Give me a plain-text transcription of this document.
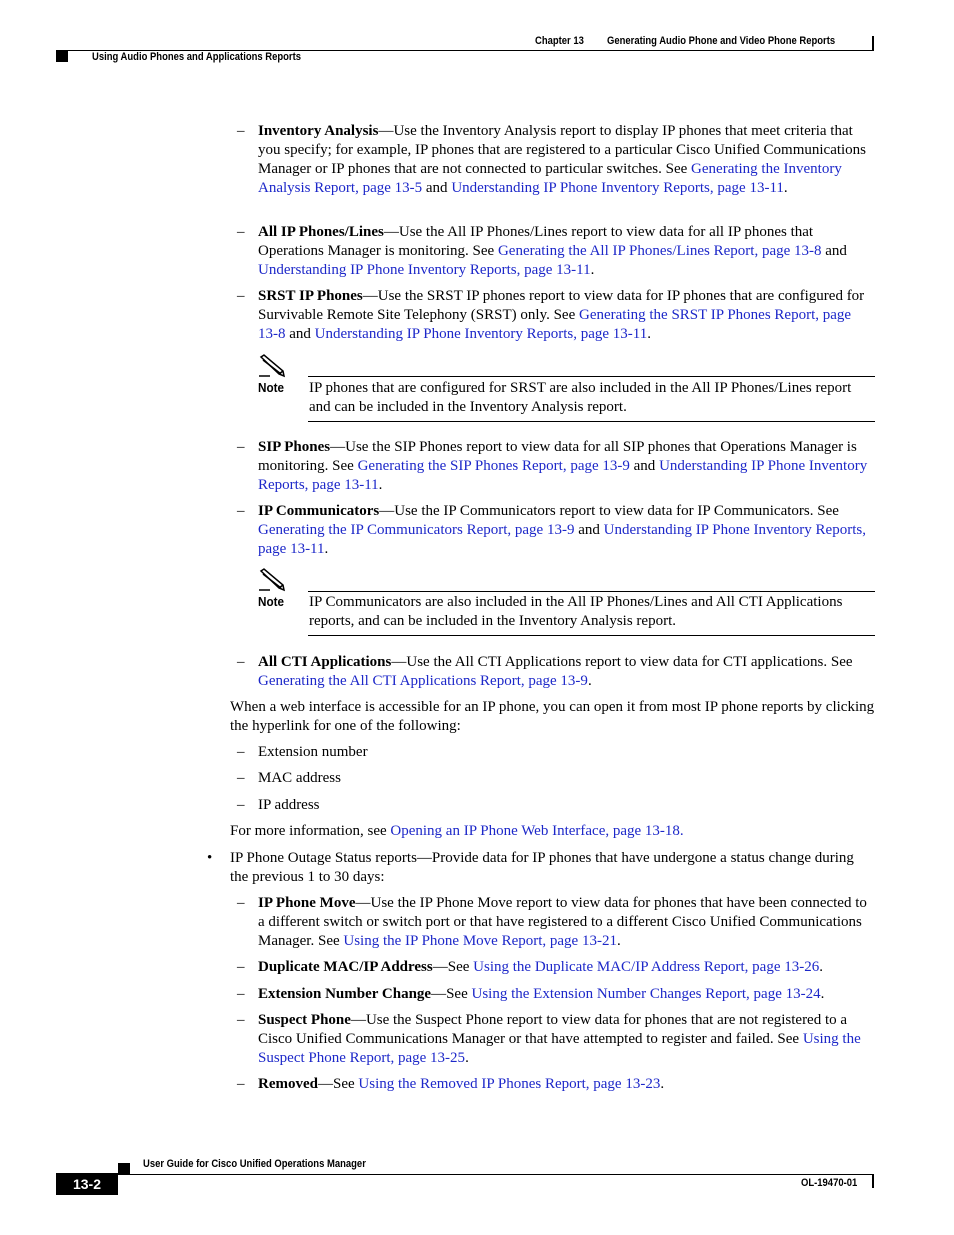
Chapter 13 Generating Audio Phone and Video Phone Reports
Using Audio Phones and Applications Reports
– Inventory Analysis—Use the Inventory Analysis report to display IP phones that meet criteria that you specify; for example, IP phones that are registered to a particular Cisco Unified Communications Manager or IP phones that are not connected to particular switches. See Generating the Inventory Analysis Report, page 13-5 and Understanding IP Phone Inventory Reports, page 13-11.
– All IP Phones/Lines—Use the All IP Phones/Lines report to view data for all IP phones that Operations Manager is monitoring. See Generating the All IP Phones/Lines Report, page 13-8 and Understanding IP Phone Inventory Reports, page 13-11.
– SRST IP Phones—Use the SRST IP phones report to view data for IP phones that are configured for Survivable Remote Site Telephony (SRST) only. See Generating the SRST IP Phones Report, page 13-8 and Understanding IP Phone Inventory Reports, page 13-11.
Note IP phones that are configured for SRST are also included in the All IP Phones/Lines report and can be included in the Inventory Analysis report.
– SIP Phones—Use the SIP Phones report to view data for all SIP phones that Operations Manager is monitoring. See Generating the SIP Phones Report, page 13-9 and Understanding IP Phone Inventory Reports, page 13-11.
– IP Communicators—Use the IP Communicators report to view data for IP Communicators. See Generating the IP Communicators Report, page 13-9 and Understanding IP Phone Inventory Reports, page 13-11.
Note IP Communicators are also included in the All IP Phones/Lines and All CTI Applications reports, and can be included in the Inventory Analysis report.
– All CTI Applications—Use the All CTI Applications report to view data for CTI applications. See Generating the All CTI Applications Report, page 13-9.
When a web interface is accessible for an IP phone, you can open it from most IP phone reports by clicking the hyperlink for one of the following:
– Extension number
– MAC address
– IP address
For more information, see Opening an IP Phone Web Interface, page 13-18.
• IP Phone Outage Status reports—Provide data for IP phones that have undergone a status change during the previous 1 to 30 days:
– IP Phone Move—Use the IP Phone Move report to view data for phones that have been connected to a different switch or switch port or that have registered to a different Cisco Unified Communications Manager. See Using the IP Phone Move Report, page 13-21.
– Duplicate MAC/IP Address—See Using the Duplicate MAC/IP Address Report, page 13-26.
– Extension Number Change—See Using the Extension Number Changes Report, page 13-24.
– Suspect Phone—Use the Suspect Phone report to view data for phones that are not registered to a Cisco Unified Communications Manager or that have attempted to register and failed. See Using the Suspect Phone Report, page 13-25.
– Removed—See Using the Removed IP Phones Report, page 13-23.
User Guide for Cisco Unified Operations Manager
13-2	OL-19470-01
